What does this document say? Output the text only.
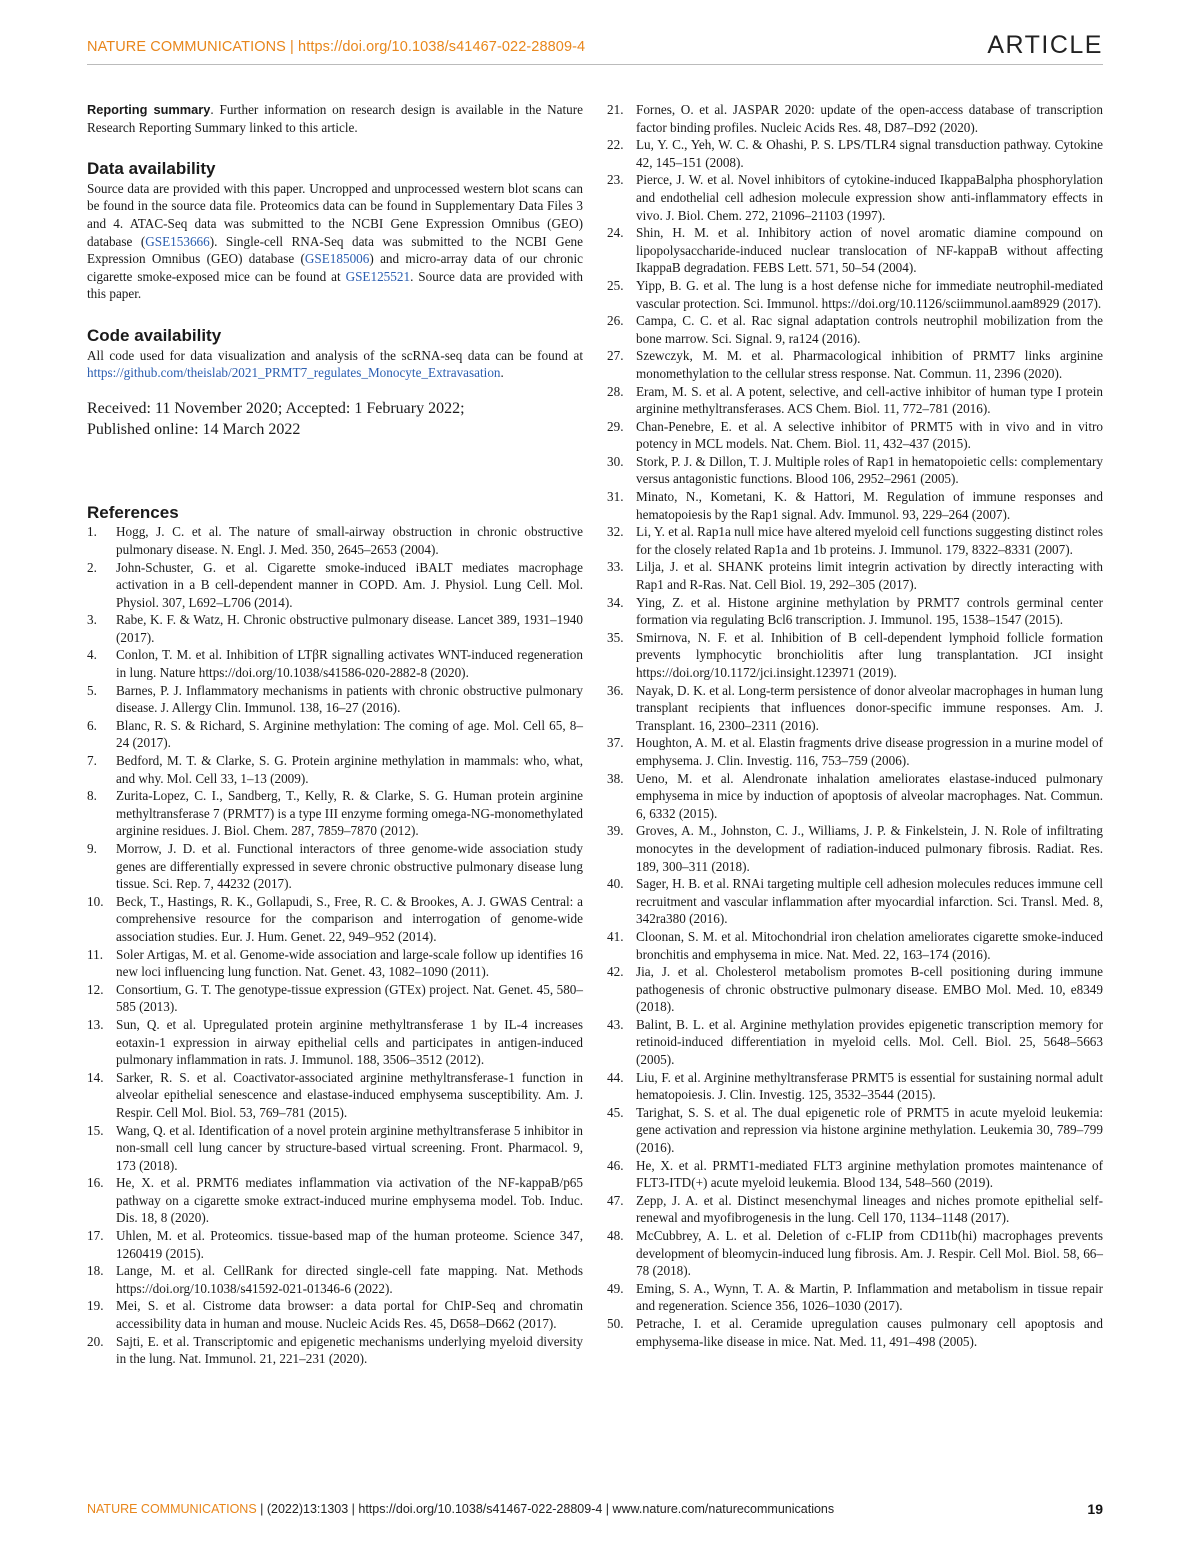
NATURE COMMUNICATIONS | https://doi.org/10.1038/s41467-022-28809-4	ARTICLE

Reporting summary. Further information on research design is available in the Nature Research Reporting Summary linked to this article.

Data availability

Source data are provided with this paper. Uncropped and unprocessed western blot scans can be found in the source data file. Proteomics data can be found in Supplementary Data Files 3 and 4. ATAC-Seq data was submitted to the NCBI Gene Expression Omnibus (GEO) database (GSE153666). Single-cell RNA-Seq data was submitted to the NCBI Gene Expression Omnibus (GEO) database (GSE185006) and micro-array data of our chronic cigarette smoke-exposed mice can be found at GSE125521. Source data are provided with this paper.

Code availability

All code used for data visualization and analysis of the scRNA-seq data can be found at https://github.com/theislab/2021_PRMT7_regulates_Monocyte_Extravasation.

Received: 11 November 2020; Accepted: 1 February 2022;

Published online: 14 March 2022

References
1.	Hogg, J. C. et al. The nature of small-airway obstruction in chronic obstructive pulmonary disease. N. Engl. J. Med. 350, 2645–2653 (2004).
2.	John-Schuster, G. et al. Cigarette smoke-induced iBALT mediates macrophage activation in a B cell-dependent manner in COPD. Am. J. Physiol. Lung Cell. Mol. Physiol. 307, L692–L706 (2014).
3.	Rabe, K. F. & Watz, H. Chronic obstructive pulmonary disease. Lancet 389, 1931–1940 (2017).
4.	Conlon, T. M. et al. Inhibition of LTβR signalling activates WNT-induced regeneration in lung. Nature https://doi.org/10.1038/s41586-020-2882-8 (2020).
5.	Barnes, P. J. Inflammatory mechanisms in patients with chronic obstructive pulmonary disease. J. Allergy Clin. Immunol. 138, 16–27 (2016).
6.	Blanc, R. S. & Richard, S. Arginine methylation: The coming of age. Mol. Cell 65, 8–24 (2017).
7.	Bedford, M. T. & Clarke, S. G. Protein arginine methylation in mammals: who, what, and why. Mol. Cell 33, 1–13 (2009).
8.	Zurita-Lopez, C. I., Sandberg, T., Kelly, R. & Clarke, S. G. Human protein arginine methyltransferase 7 (PRMT7) is a type III enzyme forming omega-NG-monomethylated arginine residues. J. Biol. Chem. 287, 7859–7870 (2012).
9.	Morrow, J. D. et al. Functional interactors of three genome-wide association study genes are differentially expressed in severe chronic obstructive pulmonary disease lung tissue. Sci. Rep. 7, 44232 (2017).
10. Beck, T., Hastings, R. K., Gollapudi, S., Free, R. C. & Brookes, A. J. GWAS Central: a comprehensive resource for the comparison and interrogation of genome-wide association studies. Eur. J. Hum. Genet. 22, 949–952 (2014).
11. Soler Artigas, M. et al. Genome-wide association and large-scale follow up identifies 16 new loci influencing lung function. Nat. Genet. 43, 1082–1090 (2011).
12. Consortium, G. T. The genotype-tissue expression (GTEx) project. Nat. Genet. 45, 580–585 (2013).
13. Sun, Q. et al. Upregulated protein arginine methyltransferase 1 by IL-4 increases eotaxin-1 expression in airway epithelial cells and participates in antigen-induced pulmonary inflammation in rats. J. Immunol. 188, 3506–3512 (2012).
14. Sarker, R. S. et al. Coactivator-associated arginine methyltransferase-1 function in alveolar epithelial senescence and elastase-induced emphysema susceptibility. Am. J. Respir. Cell Mol. Biol. 53, 769–781 (2015).
15. Wang, Q. et al. Identification of a novel protein arginine methyltransferase 5 inhibitor in non-small cell lung cancer by structure-based virtual screening. Front. Pharmacol. 9, 173 (2018).
16. He, X. et al. PRMT6 mediates inflammation via activation of the NF-kappaB/p65 pathway on a cigarette smoke extract-induced murine emphysema model. Tob. Induc. Dis. 18, 8 (2020).
17. Uhlen, M. et al. Proteomics. tissue-based map of the human proteome. Science 347, 1260419 (2015).
18. Lange, M. et al. CellRank for directed single-cell fate mapping. Nat. Methods https://doi.org/10.1038/s41592-021-01346-6 (2022).
19. Mei, S. et al. Cistrome data browser: a data portal for ChIP-Seq and chromatin accessibility data in human and mouse. Nucleic Acids Res. 45, D658–D662 (2017).
20. Sajti, E. et al. Transcriptomic and epigenetic mechanisms underlying myeloid diversity in the lung. Nat. Immunol. 21, 221–231 (2020).
21. Fornes, O. et al. JASPAR 2020: update of the open-access database of transcription factor binding profiles. Nucleic Acids Res. 48, D87–D92 (2020).
22. Lu, Y. C., Yeh, W. C. & Ohashi, P. S. LPS/TLR4 signal transduction pathway. Cytokine 42, 145–151 (2008).
23. Pierce, J. W. et al. Novel inhibitors of cytokine-induced IkappaBalpha phosphorylation and endothelial cell adhesion molecule expression show anti-inflammatory effects in vivo. J. Biol. Chem. 272, 21096–21103 (1997).
24. Shin, H. M. et al. Inhibitory action of novel aromatic diamine compound on lipopolysaccharide-induced nuclear translocation of NF-kappaB without affecting IkappaB degradation. FEBS Lett. 571, 50–54 (2004).
25. Yipp, B. G. et al. The lung is a host defense niche for immediate neutrophil-mediated vascular protection. Sci. Immunol. https://doi.org/10.1126/sciimmunol.aam8929 (2017).
26. Campa, C. C. et al. Rac signal adaptation controls neutrophil mobilization from the bone marrow. Sci. Signal. 9, ra124 (2016).
27. Szewczyk, M. M. et al. Pharmacological inhibition of PRMT7 links arginine monomethylation to the cellular stress response. Nat. Commun. 11, 2396 (2020).
28. Eram, M. S. et al. A potent, selective, and cell-active inhibitor of human type I protein arginine methyltransferases. ACS Chem. Biol. 11, 772–781 (2016).
29. Chan-Penebre, E. et al. A selective inhibitor of PRMT5 with in vivo and in vitro potency in MCL models. Nat. Chem. Biol. 11, 432–437 (2015).
30. Stork, P. J. & Dillon, T. J. Multiple roles of Rap1 in hematopoietic cells: complementary versus antagonistic functions. Blood 106, 2952–2961 (2005).
31. Minato, N., Kometani, K. & Hattori, M. Regulation of immune responses and hematopoiesis by the Rap1 signal. Adv. Immunol. 93, 229–264 (2007).
32. Li, Y. et al. Rap1a null mice have altered myeloid cell functions suggesting distinct roles for the closely related Rap1a and 1b proteins. J. Immunol. 179, 8322–8331 (2007).
33. Lilja, J. et al. SHANK proteins limit integrin activation by directly interacting with Rap1 and R-Ras. Nat. Cell Biol. 19, 292–305 (2017).
34. Ying, Z. et al. Histone arginine methylation by PRMT7 controls germinal center formation via regulating Bcl6 transcription. J. Immunol. 195, 1538–1547 (2015).
35. Smirnova, N. F. et al. Inhibition of B cell-dependent lymphoid follicle formation prevents lymphocytic bronchiolitis after lung transplantation. JCI insight https://doi.org/10.1172/jci.insight.123971 (2019).
36. Nayak, D. K. et al. Long-term persistence of donor alveolar macrophages in human lung transplant recipients that influences donor-specific immune responses. Am. J. Transplant. 16, 2300–2311 (2016).
37. Houghton, A. M. et al. Elastin fragments drive disease progression in a murine model of emphysema. J. Clin. Investig. 116, 753–759 (2006).
38. Ueno, M. et al. Alendronate inhalation ameliorates elastase-induced pulmonary emphysema in mice by induction of apoptosis of alveolar macrophages. Nat. Commun. 6, 6332 (2015).
39. Groves, A. M., Johnston, C. J., Williams, J. P. & Finkelstein, J. N. Role of infiltrating monocytes in the development of radiation-induced pulmonary fibrosis. Radiat. Res. 189, 300–311 (2018).
40. Sager, H. B. et al. RNAi targeting multiple cell adhesion molecules reduces immune cell recruitment and vascular inflammation after myocardial infarction. Sci. Transl. Med. 8, 342ra380 (2016).
41. Cloonan, S. M. et al. Mitochondrial iron chelation ameliorates cigarette smoke-induced bronchitis and emphysema in mice. Nat. Med. 22, 163–174 (2016).
42. Jia, J. et al. Cholesterol metabolism promotes B-cell positioning during immune pathogenesis of chronic obstructive pulmonary disease. EMBO Mol. Med. 10, e8349 (2018).
43. Balint, B. L. et al. Arginine methylation provides epigenetic transcription memory for retinoid-induced differentiation in myeloid cells. Mol. Cell. Biol. 25, 5648–5663 (2005).
44. Liu, F. et al. Arginine methyltransferase PRMT5 is essential for sustaining normal adult hematopoiesis. J. Clin. Investig. 125, 3532–3544 (2015).
45. Tarighat, S. S. et al. The dual epigenetic role of PRMT5 in acute myeloid leukemia: gene activation and repression via histone arginine methylation. Leukemia 30, 789–799 (2016).
46. He, X. et al. PRMT1-mediated FLT3 arginine methylation promotes maintenance of FLT3-ITD(+) acute myeloid leukemia. Blood 134, 548–560 (2019).
47. Zepp, J. A. et al. Distinct mesenchymal lineages and niches promote epithelial self-renewal and myofibrogenesis in the lung. Cell 170, 1134–1148 (2017).
48. McCubbrey, A. L. et al. Deletion of c-FLIP from CD11b(hi) macrophages prevents development of bleomycin-induced lung fibrosis. Am. J. Respir. Cell Mol. Biol. 58, 66–78 (2018).
49. Eming, S. A., Wynn, T. A. & Martin, P. Inflammation and metabolism in tissue repair and regeneration. Science 356, 1026–1030 (2017).
50. Petrache, I. et al. Ceramide upregulation causes pulmonary cell apoptosis and emphysema-like disease in mice. Nat. Med. 11, 491–498 (2005).
NATURE COMMUNICATIONS | (2022)13:1303 | https://doi.org/10.1038/s41467-022-28809-4 | www.nature.com/naturecommunications	19
